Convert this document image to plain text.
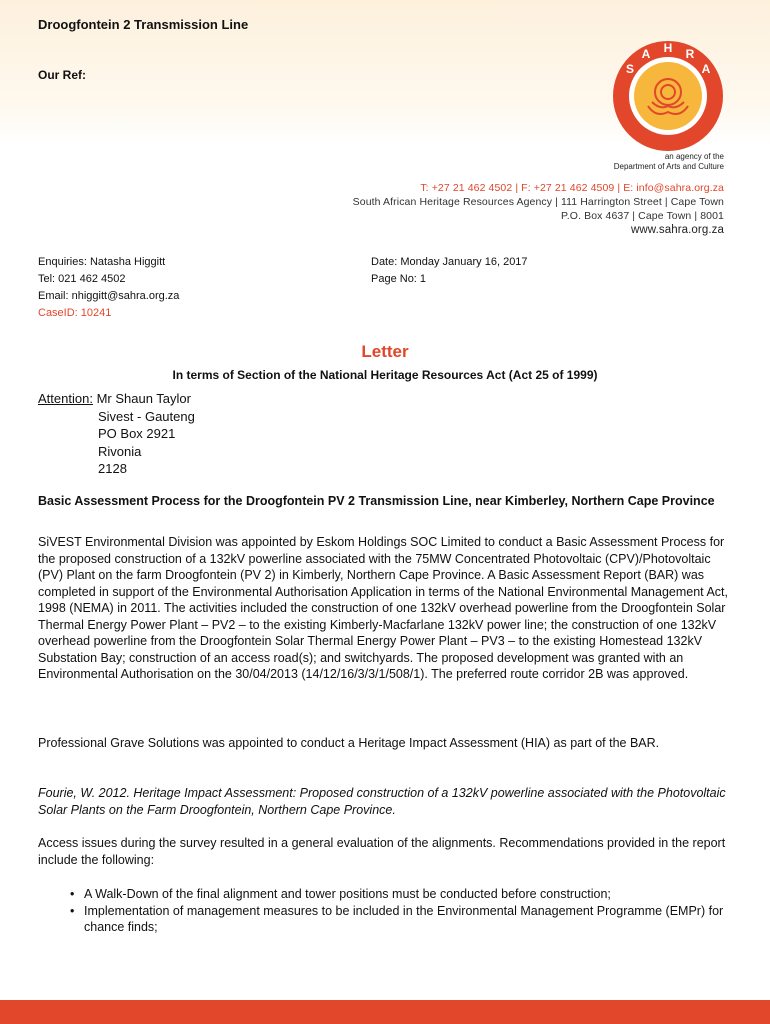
Droogfontein 2 Transmission Line
Our Ref:	S
A H R
A
an agency of the
Department of Arts and Culture
T: +27 21 462 4502 | F: +27 21 462 4509 | E: info@sahra.org.za
South African Heritage Resources Agency | 111 Harrington Street | Cape Town
P.O. Box 4637 | Cape Town | 8001
www.sahra.org.za
Enquiries: Natasha Higgitt
Tel: 021 462 4502
Email: nhiggitt@sahra.org.za
CaseID: 10241
Date: Monday January 16, 2017
Page No: 1
Letter
In terms of Section of the National Heritage Resources Act (Act 25 of 1999)
Attention: Mr Shaun Taylor
Sivest - Gauteng
PO Box 2921
Rivonia
2128
Basic Assessment Process for the Droogfontein PV 2 Transmission Line, near Kimberley, Northern Cape Province
SiVEST Environmental Division was appointed by Eskom Holdings SOC Limited to conduct a Basic Assessment Process for the proposed construction of a 132kV powerline associated with the 75MW Concentrated Photovoltaic (CPV)/Photovoltaic (PV) Plant on the farm Droogfontein (PV 2) in Kimberly, Northern Cape Province. A Basic Assessment Report (BAR) was completed in support of the Environmental Authorisation Application in terms of the National Environmental Management Act, 1998 (NEMA) in 2011. The activities included the construction of one 132kV overhead powerline from the Droogfontein Solar Thermal Energy Power Plant – PV2 – to the existing Kimberly-Macfarlane 132kV power line; the construction of one 132kV overhead powerline from the Droogfontein Solar Thermal Energy Power Plant – PV3 – to the existing Homestead 132kV Substation Bay; construction of an access road(s); and switchyards. The proposed development was granted with an Environmental Authorisation on the 30/04/2013 (14/12/16/3/3/1/508/1). The preferred route corridor 2B was approved.
Professional Grave Solutions was appointed to conduct a Heritage Impact Assessment (HIA) as part of the BAR.
Fourie, W. 2012. Heritage Impact Assessment: Proposed construction of a 132kV powerline associated with the Photovoltaic Solar Plants on the Farm Droogfontein, Northern Cape Province.
Access issues during the survey resulted in a general evaluation of the alignments. Recommendations provided in the report include the following:
• A Walk-Down of the final alignment and tower positions must be conducted before construction;
• Implementation of management measures to be included in the Environmental Management Programme (EMPr) for chance finds;
